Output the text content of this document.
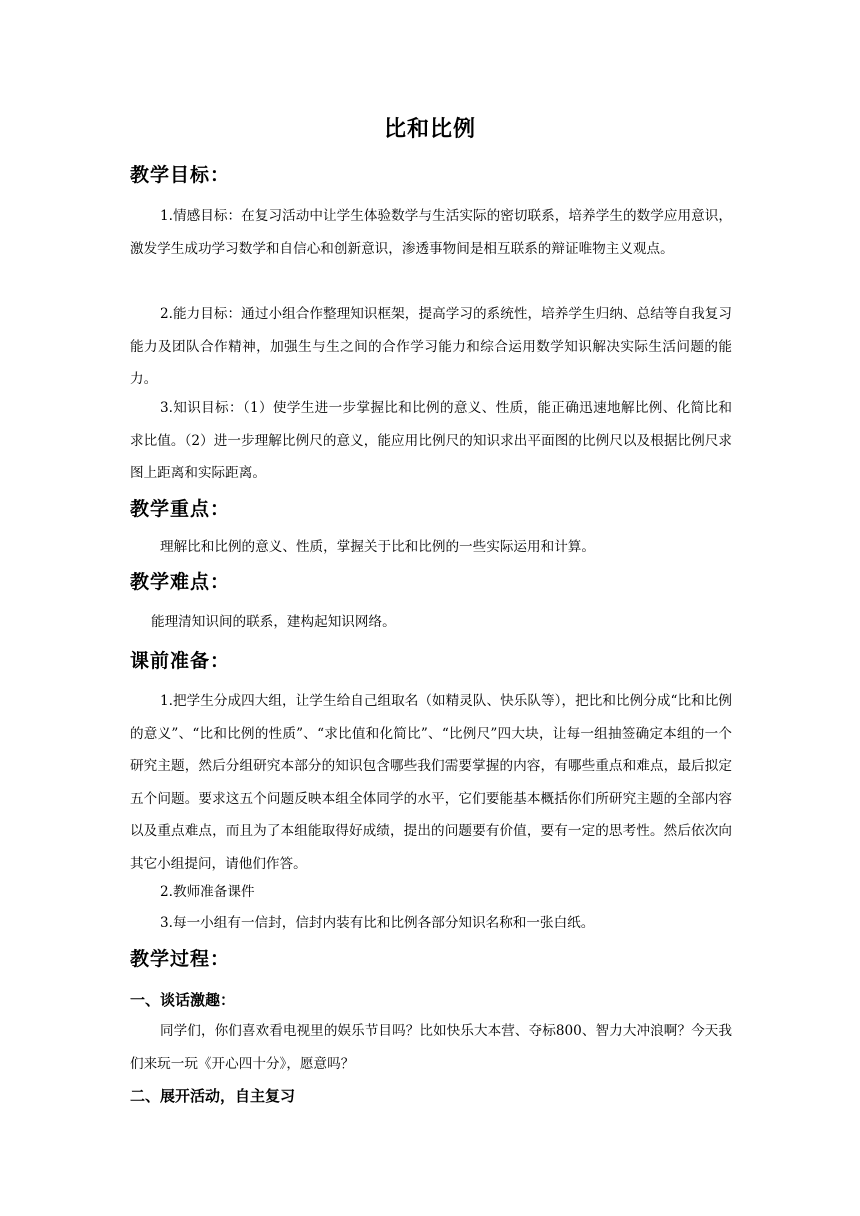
比和比例
教学目标：

1.情感目标：在复习活动中让学生体验数学与生活实际的密切联系，培养学生的数学应用意识，激发学生成功学习数学和自信心和创新意识，渗透事物间是相互联系的辩证唯物主义观点。

2.能力目标：通过小组合作整理知识框架，提高学习的系统性，培养学生归纳、总结等自我复习能力及团队合作精神，加强生与生之间的合作学习能力和综合运用数学知识解决实际生活问题的能力。

3.知识目标：（1）使学生进一步掌握比和比例的意义、性质，能正确迅速地解比例、化简比和求比值。（2）进一步理解比例尺的意义，能应用比例尺的知识求出平面图的比例尺以及根据比例尺求图上距离和实际距离。

教学重点：

理解比和比例的意义、性质，掌握关于比和比例的一些实际运用和计算。

教学难点：

能理清知识间的联系，建构起知识网络。

课前准备：

1.把学生分成四大组，让学生给自己组取名（如精灵队、快乐队等），把比和比例分成“比和比例的意义”、“比和比例的性质”、“求比值和化简比”、“比例尺”四大块，让每一组抽签确定本组的一个研究主题，然后分组研究本部分的知识包含哪些我们需要掌握的内容，有哪些重点和难点，最后拟定五个问题。要求这五个问题反映本组全体同学的水平，它们要能基本概括你们所研究主题的全部内容以及重点难点，而且为了本组能取得好成绩，提出的问题要有价值，要有一定的思考性。然后依次向其它小组提问，请他们作答。

2.教师准备课件

3.每一小组有一信封，信封内装有比和比例各部分知识名称和一张白纸。

教学过程：
一、谈话激趣：

同学们，你们喜欢看电视里的娱乐节目吗？比如快乐大本营、夺标800、智力大冲浪啊？今天我们来玩一玩《开心四十分》，愿意吗？

二、展开活动，自主复习
